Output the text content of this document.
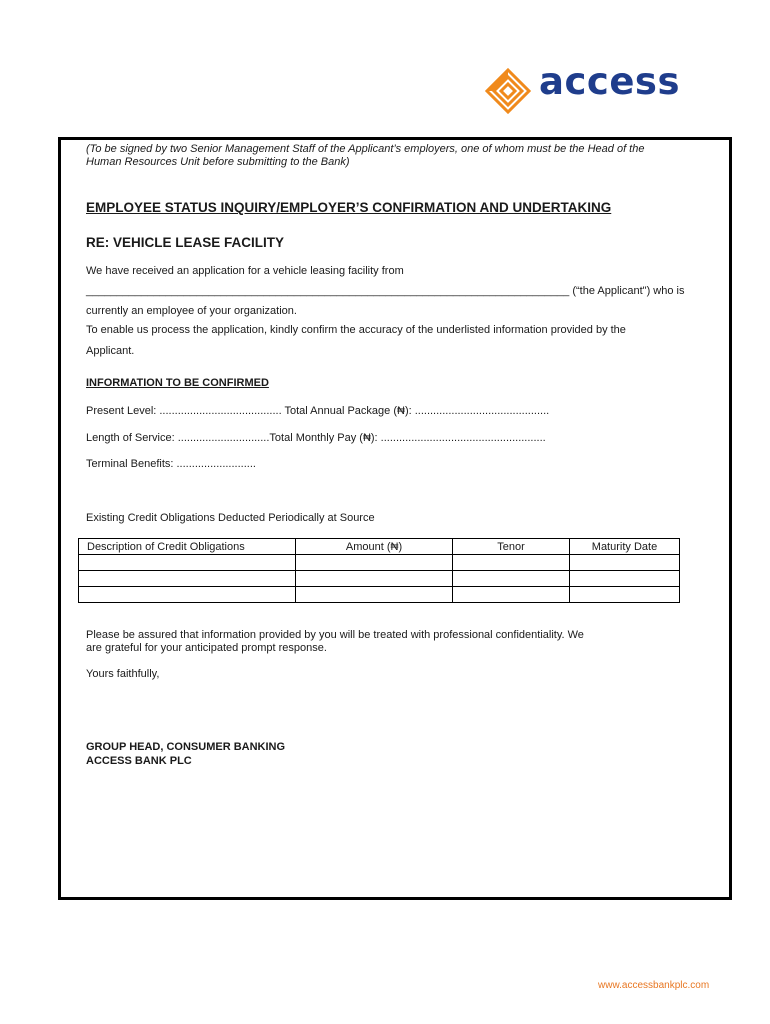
access
(To be signed by two Senior Management Staff of the Applicant’s employers, one of whom must be the Head of the
Human Resources Unit before submitting to the Bank)
EMPLOYEE STATUS INQUIRY/EMPLOYER’S CONFIRMATION AND UNDERTAKING
RE: VEHICLE LEASE FACILITY
We have received an application for a vehicle leasing facility from
_______________________________________________________________________________ (“the Applicant") who is
currently an employee of your organization.
To enable us process the application, kindly confirm the accuracy of the underlisted information provided by the
Applicant.
INFORMATION TO BE CONFIRMED
Present Level: ........................................ Total Annual Package (₦): ............................................
Length of Service: ..............................Total Monthly Pay (₦): ......................................................
Terminal Benefits: ..........................
Existing Credit Obligations Deducted Periodically at Source
Description of Credit Obligations	Amount (₦)	Tenor	Maturity Date

Please be assured that information provided by you will be treated with professional confidentiality. We
are grateful for your anticipated prompt response.
Yours faithfully,
GROUP HEAD, CONSUMER BANKING
ACCESS BANK PLC
www.accessbankplc.com
